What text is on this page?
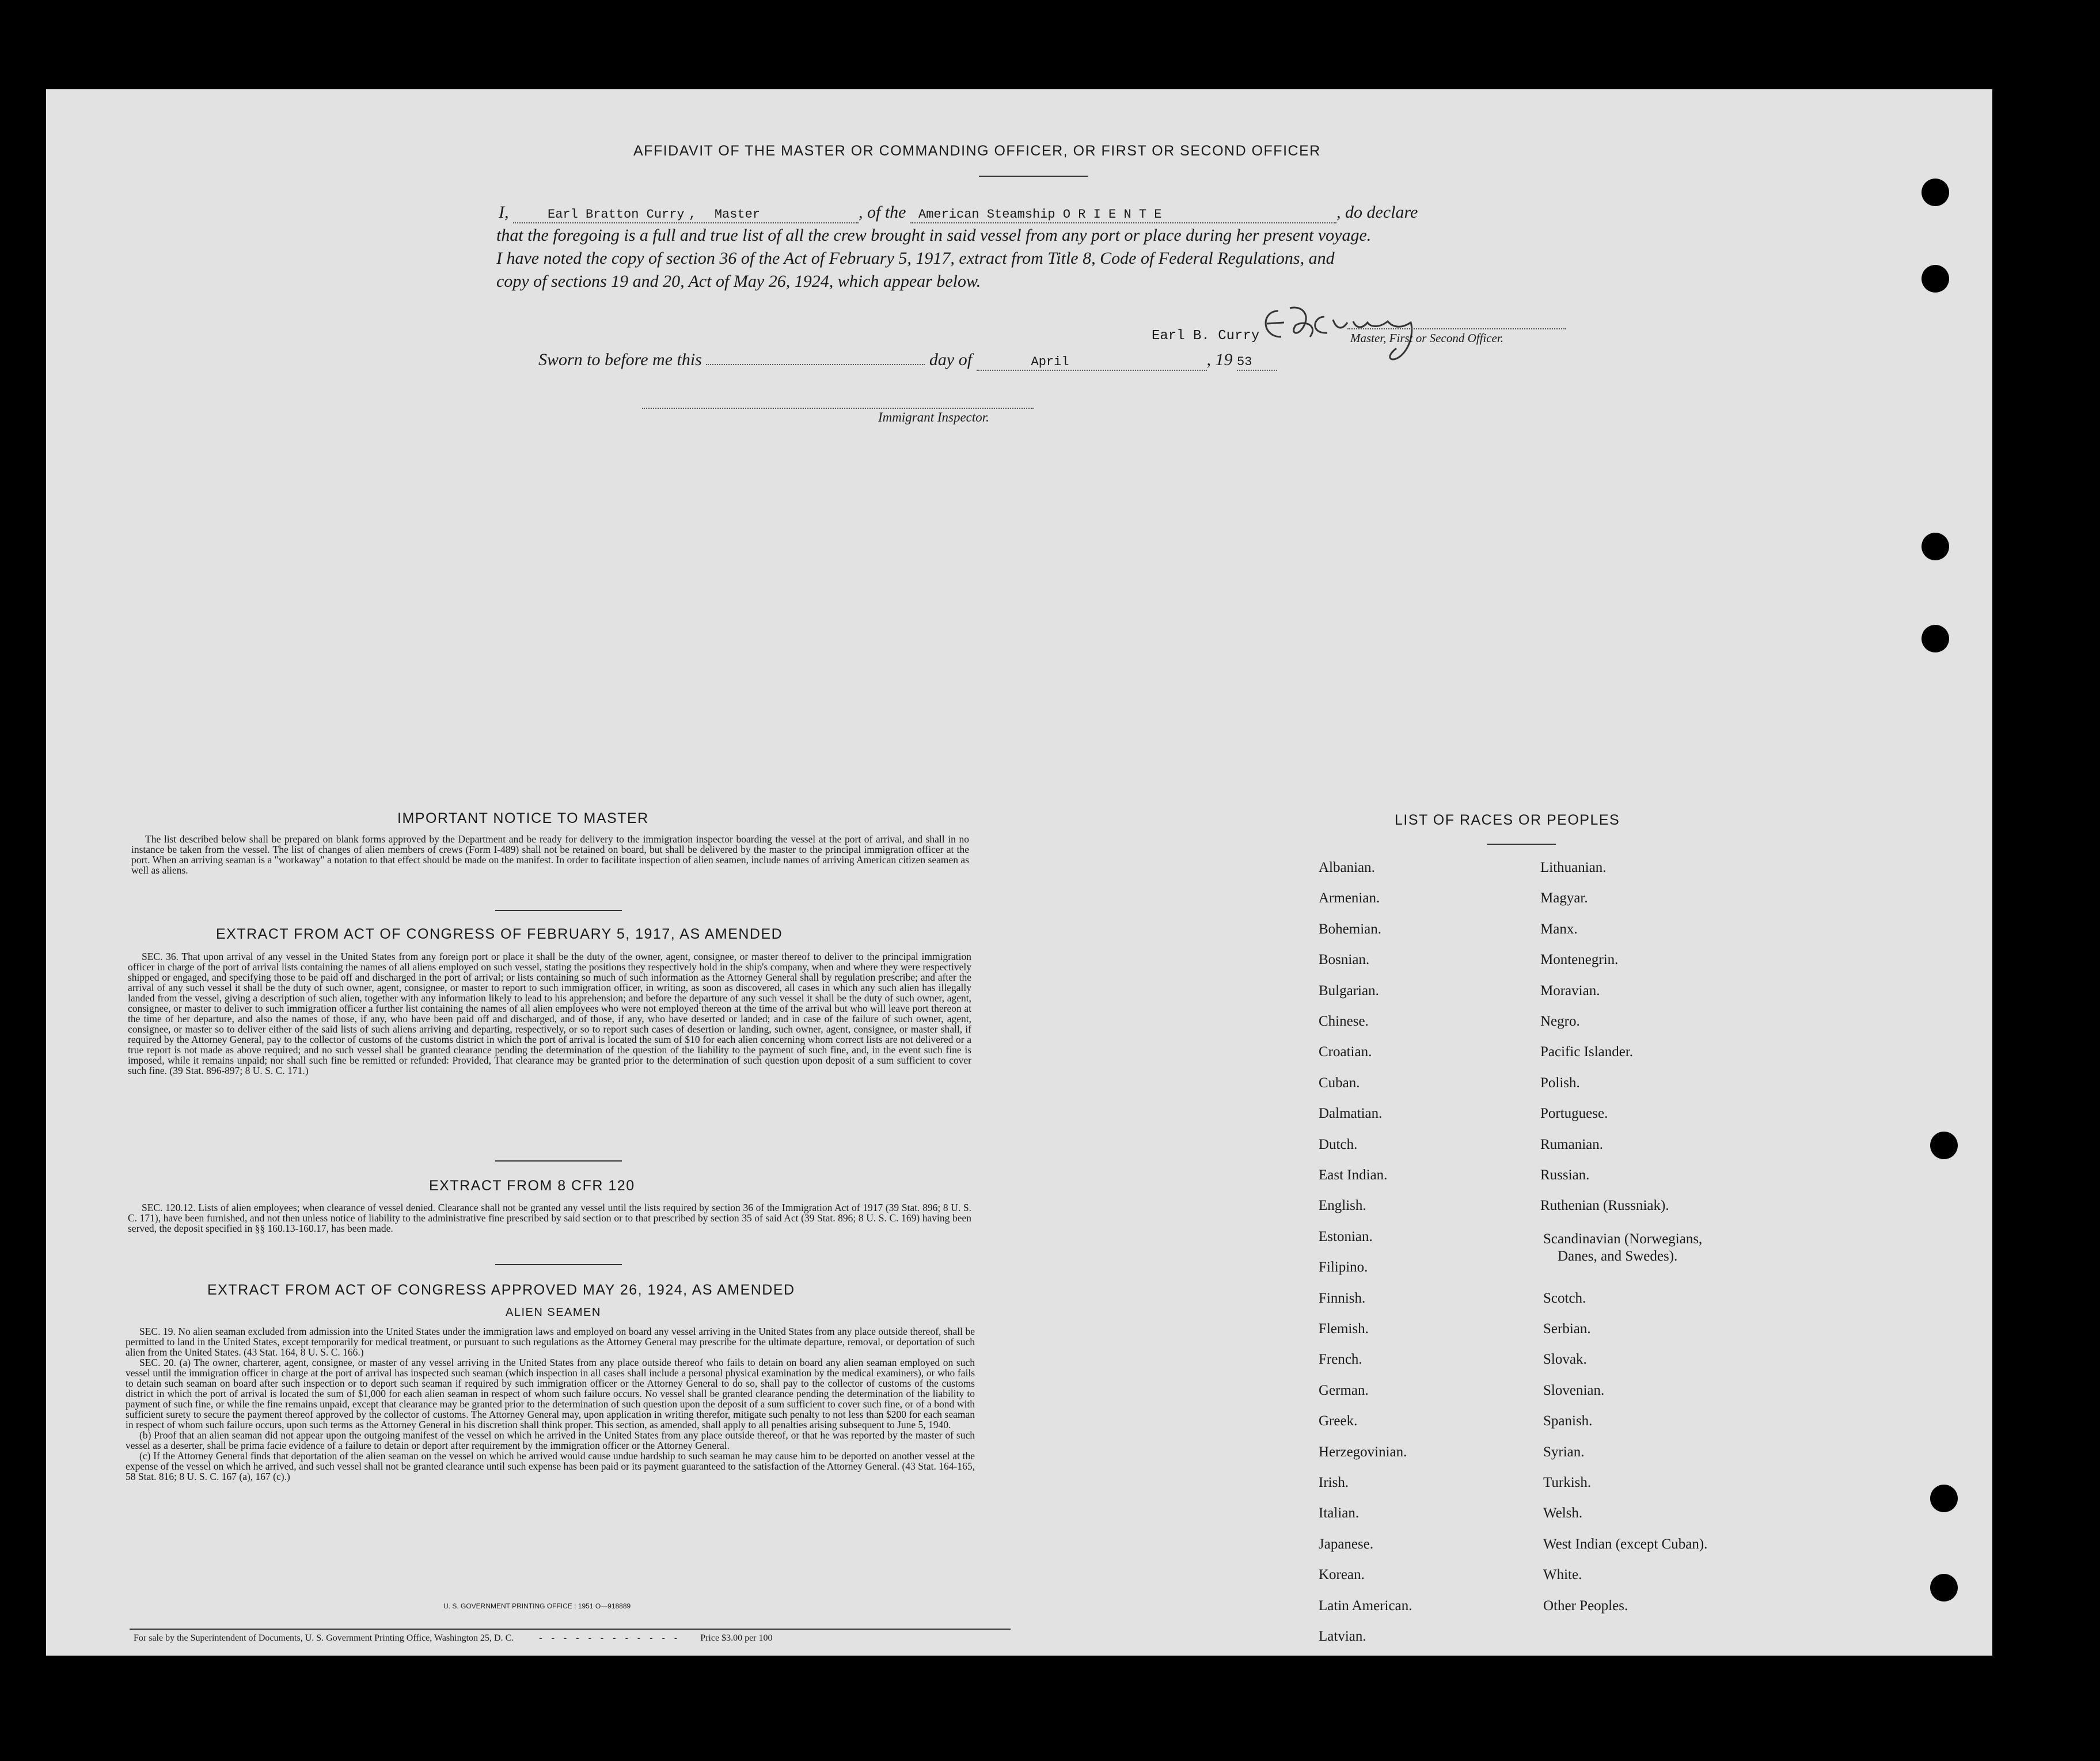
AFFIDAVIT OF THE MASTER OR COMMANDING OFFICER, OR FIRST OR SECOND OFFICER
I,	Earl Bratton Curry , Master	, of the American Steamship O R I E N T E	, do declare
that the foregoing is a full and true list of all the crew brought in said vessel from any port or place during her present voyage.
I have noted the copy of section 36 of the Act of February 5, 1917, extract from Title 8, Code of Federal Regulations, and
copy of sections 19 and 20, Act of May 26, 1924, which appear below.
Earl B. Curry	Master, First or Second Officer.
Sworn to before me this	day of	April	, 19 53
Immigrant Inspector.
IMPORTANT NOTICE TO MASTER

The list described below shall be prepared on blank forms approved by the Department and be ready for delivery to the immigration inspector boarding the vessel at the port of arrival, and shall in no instance be taken from the vessel. The list of changes of alien members of crews (Form I-489) shall not be retained on board, but shall be delivered by the master to the principal immigration officer at the port. When an arriving seaman is a "workaway" a notation to that effect should be made on the manifest. In order to facilitate inspection of alien seamen, include names of arriving American citizen seamen as well as aliens.

EXTRACT FROM ACT OF CONGRESS OF FEBRUARY 5, 1917, AS AMENDED

SEC. 36. That upon arrival of any vessel in the United States from any foreign port or place it shall be the duty of the owner, agent, consignee, or master thereof to deliver to the principal immigration officer in charge of the port of arrival lists containing the names of all aliens employed on such vessel, stating the positions they respectively hold in the ship's company, when and where they were respectively shipped or engaged, and specifying those to be paid off and discharged in the port of arrival; or lists containing so much of such information as the Attorney General shall by regulation prescribe; and after the arrival of any such vessel it shall be the duty of such owner, agent, consignee, or master to report to such immigration officer, in writing, as soon as discovered, all cases in which any such alien has illegally landed from the vessel, giving a description of such alien, together with any information likely to lead to his apprehension; and before the departure of any such vessel it shall be the duty of such owner, agent, consignee, or master to deliver to such immigration officer a further list containing the names of all alien employees who were not employed thereon at the time of the arrival but who will leave port thereon at the time of her departure, and also the names of those, if any, who have been paid off and discharged, and of those, if any, who have deserted or landed; and in case of the failure of such owner, agent, consignee, or master so to deliver either of the said lists of such aliens arriving and departing, respectively, or so to report such cases of desertion or landing, such owner, agent, consignee, or master shall, if required by the Attorney General, pay to the collector of customs of the customs district in which the port of arrival is located the sum of $10 for each alien concerning whom correct lists are not delivered or a true report is not made as above required; and no such vessel shall be granted clearance pending the determination of the question of the liability to the payment of such fine, and, in the event such fine is imposed, while it remains unpaid; nor shall such fine be remitted or refunded: Provided, That clearance may be granted prior to the determination of such question upon deposit of a sum sufficient to cover such fine. (39 Stat. 896-897; 8 U. S. C. 171.)

EXTRACT FROM 8 CFR 120

SEC. 120.12. Lists of alien employees; when clearance of vessel denied. Clearance shall not be granted any vessel until the lists required by section 36 of the Immigration Act of 1917 (39 Stat. 896; 8 U. S. C. 171), have been furnished, and not then unless notice of liability to the administrative fine prescribed by said section or to that prescribed by section 35 of said Act (39 Stat. 896; 8 U. S. C. 169) having been served, the deposit specified in §§ 160.13-160.17, has been made.

EXTRACT FROM ACT OF CONGRESS APPROVED MAY 26, 1924, AS AMENDED
ALIEN SEAMEN

SEC. 19. No alien seaman excluded from admission into the United States under the immigration laws and employed on board any vessel arriving in the United States from any place outside thereof, shall be permitted to land in the United States, except temporarily for medical treatment, or pursuant to such regulations as the Attorney General may prescribe for the ultimate departure, removal, or deportation of such alien from the United States. (43 Stat. 164, 8 U. S. C. 166.)

SEC. 20. (a) The owner, charterer, agent, consignee, or master of any vessel arriving in the United States from any place outside thereof who fails to detain on board any alien seaman employed on such vessel until the immigration officer in charge at the port of arrival has inspected such seaman (which inspection in all cases shall include a personal physical examination by the medical examiners), or who fails to detain such seaman on board after such inspection or to deport such seaman if required by such immigration officer or the Attorney General to do so, shall pay to the collector of customs of the customs district in which the port of arrival is located the sum of $1,000 for each alien seaman in respect of whom such failure occurs. No vessel shall be granted clearance pending the determination of the liability to payment of such fine, or while the fine remains unpaid, except that clearance may be granted prior to the determination of such question upon the deposit of a sum sufficient to cover such fine, or of a bond with sufficient surety to secure the payment thereof approved by the collector of customs. The Attorney General may, upon application in writing therefor, mitigate such penalty to not less than $200 for each seaman in respect of whom such failure occurs, upon such terms as the Attorney General in his discretion shall think proper. This section, as amended, shall apply to all penalties arising subsequent to June 5, 1940.

(b) Proof that an alien seaman did not appear upon the outgoing manifest of the vessel on which he arrived in the United States from any place outside thereof, or that he was reported by the master of such vessel as a deserter, shall be prima facie evidence of a failure to detain or deport after requirement by the immigration officer or the Attorney General.

(c) If the Attorney General finds that deportation of the alien seaman on the vessel on which he arrived would cause undue hardship to such seaman he may cause him to be deported on another vessel at the expense of the vessel on which he arrived, and such vessel shall not be granted clearance until such expense has been paid or its payment guaranteed to the satisfaction of the Attorney General. (43 Stat. 164-165, 58 Stat. 816; 8 U. S. C. 167 (a), 167 (c).)

U. S. GOVERNMENT PRINTING OFFICE : 1951 O—918889
For sale by the Superintendent of Documents, U. S. Government Printing Office, Washington 25, D. C.	- - - - - - - - - - - - Price $3.00 per 100
LIST OF RACES OR PEOPLES
Albanian.
Armenian.
Bohemian.
Bosnian.
Bulgarian.
Chinese.
Croatian.
Cuban.
Dalmatian.
Dutch.
East Indian.
English.
Estonian.
Filipino.
Finnish.
Flemish.
French.
German.
Greek.
Herzegovinian.
Irish.
Italian.
Japanese.
Korean.
Latin American.
Latvian.
Lithuanian.
Magyar.
Manx.
Montenegrin.
Moravian.
Negro.
Pacific Islander.
Polish.
Portuguese.
Rumanian.
Russian.
Ruthenian (Russniak).
Scandinavian (Norwegians,
Danes, and Swedes).
Scotch.
Serbian.
Slovak.
Slovenian.
Spanish.
Syrian.
Turkish.
Welsh.
West Indian (except Cuban).
White.
Other Peoples.
